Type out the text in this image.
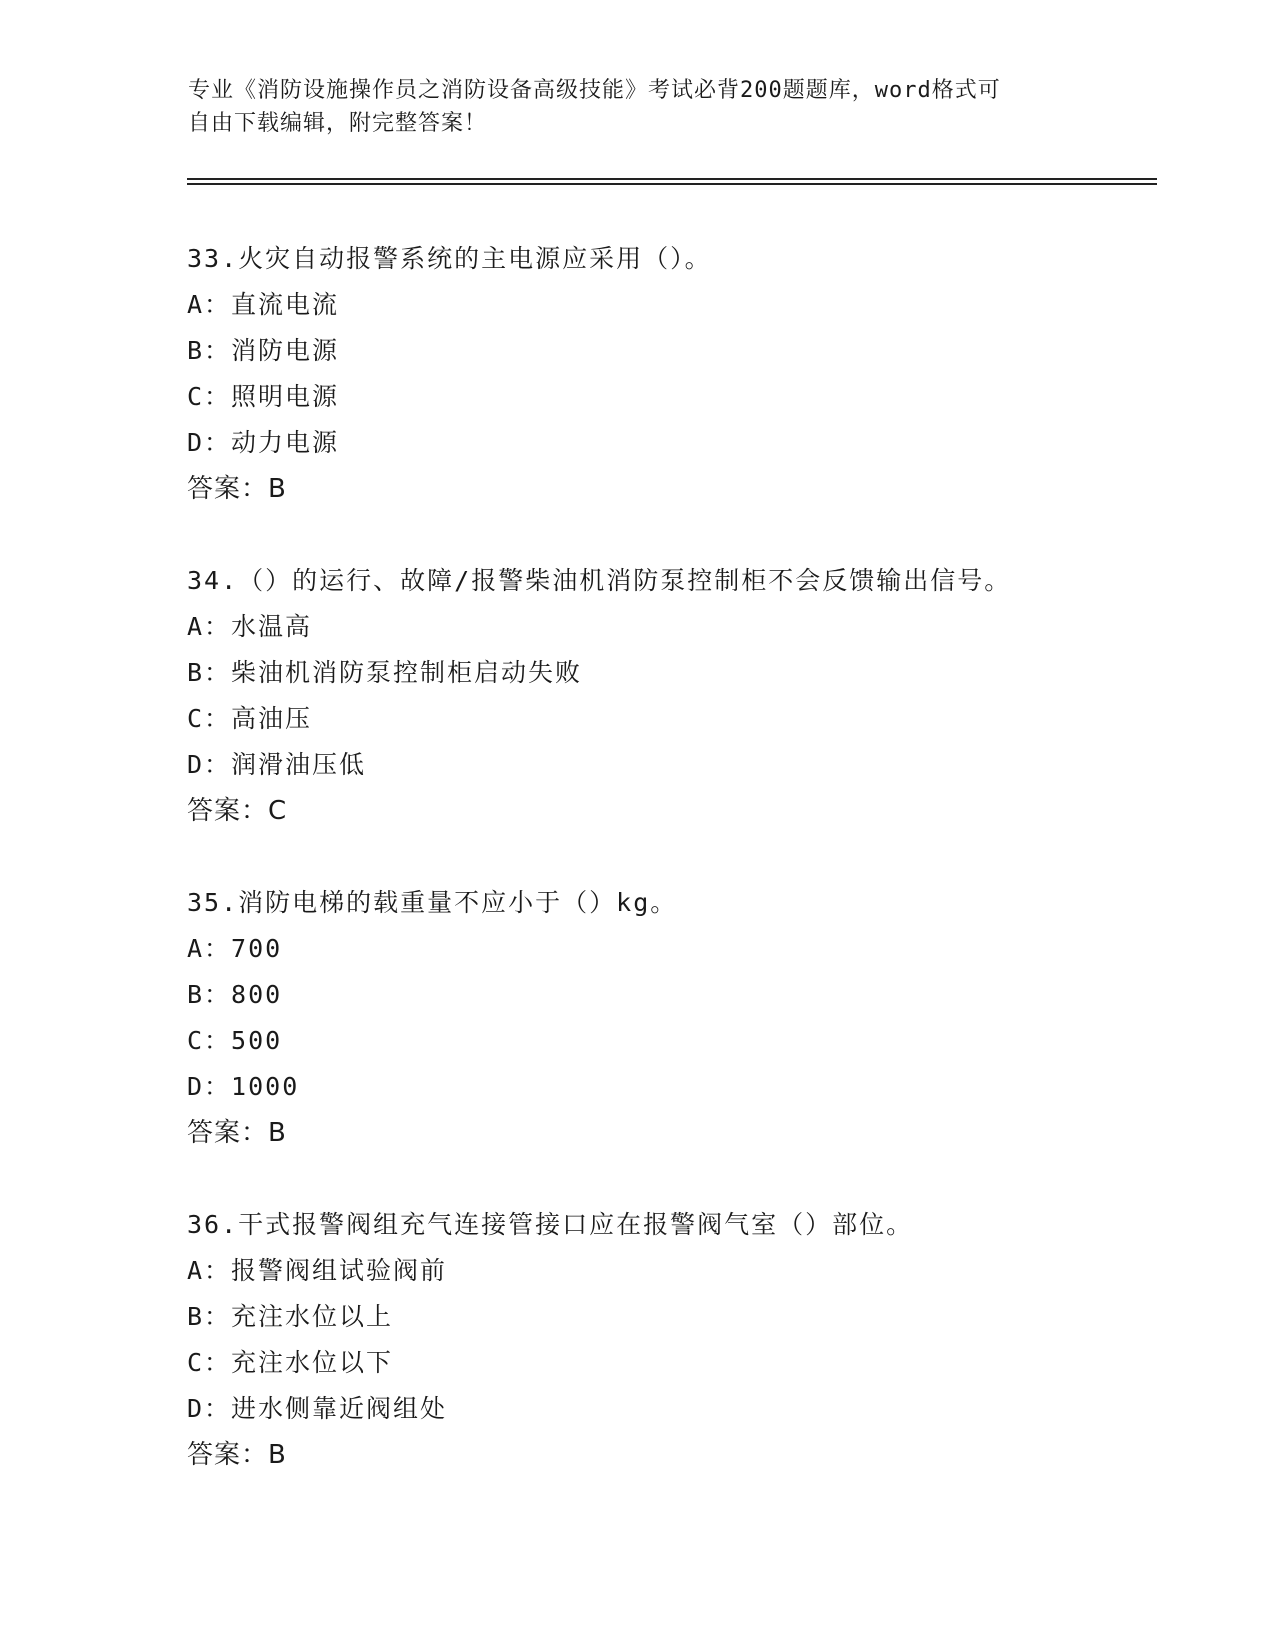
专业《消防设施操作员之消防设备高级技能》考试必背200题题库，word格式可

自由下载编辑，附完整答案！

33.火灾自动报警系统的主电源应采用（）。
A：直流电流
B：消防电源
C：照明电源
D：动力电源
答案：B
34.（）的运行、故障/报警柴油机消防泵控制柜不会反馈输出信号。
A：水温高
B：柴油机消防泵控制柜启动失败
C：高油压
D：润滑油压低
答案：C
35.消防电梯的载重量不应小于（）kg。
A：700
B：800
C：500
D：1000
答案：B
36.干式报警阀组充气连接管接口应在报警阀气室（）部位。
A：报警阀组试验阀前
B：充注水位以上
C：充注水位以下
D：进水侧靠近阀组处
答案：B
